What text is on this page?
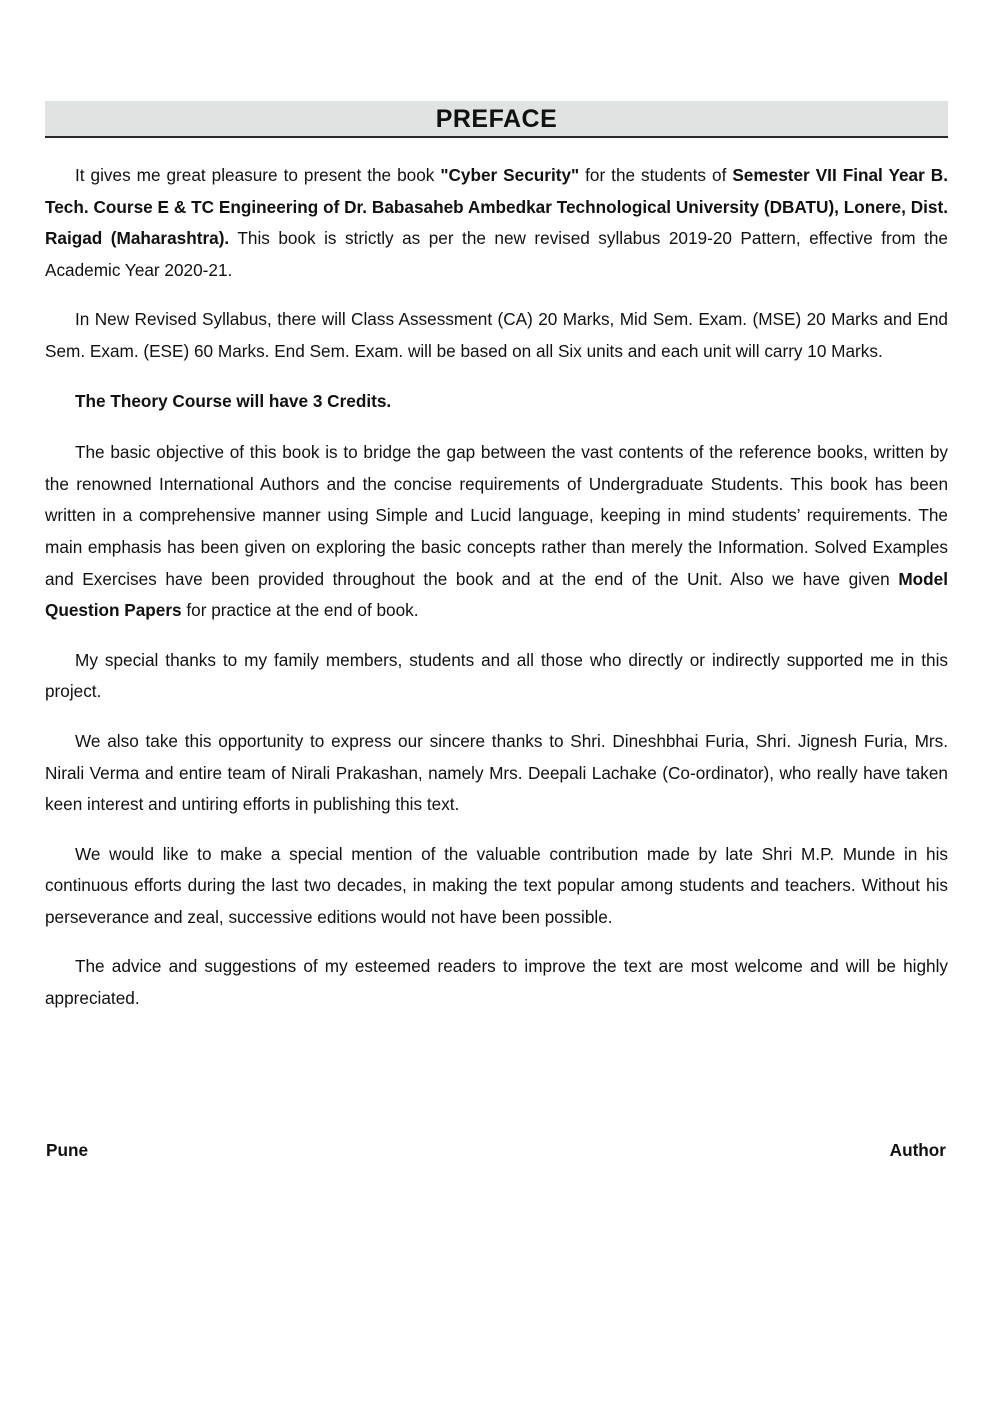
PREFACE

It gives me great pleasure to present the book "Cyber Security" for the students of Semester VII Final Year B. Tech. Course E & TC Engineering of Dr. Babasaheb Ambedkar Technological University (DBATU), Lonere, Dist. Raigad (Maharashtra). This book is strictly as per the new revised syllabus 2019-20 Pattern, effective from the Academic Year 2020-21.

In New Revised Syllabus, there will Class Assessment (CA) 20 Marks, Mid Sem. Exam. (MSE) 20 Marks and End Sem. Exam. (ESE) 60 Marks. End Sem. Exam. will be based on all Six units and each unit will carry 10 Marks.

The Theory Course will have 3 Credits.

The basic objective of this book is to bridge the gap between the vast contents of the reference books, written by the renowned International Authors and the concise requirements of Undergraduate Students. This book has been written in a comprehensive manner using Simple and Lucid language, keeping in mind students’ requirements. The main emphasis has been given on exploring the basic concepts rather than merely the Information. Solved Examples and Exercises have been provided throughout the book and at the end of the Unit. Also we have given Model Question Papers for practice at the end of book.

My special thanks to my family members, students and all those who directly or indirectly supported me in this project.

We also take this opportunity to express our sincere thanks to Shri. Dineshbhai Furia, Shri. Jignesh Furia, Mrs. Nirali Verma and entire team of Nirali Prakashan, namely Mrs. Deepali Lachake (Co-ordinator), who really have taken keen interest and untiring efforts in publishing this text.

We would like to make a special mention of the valuable contribution made by late Shri M.P. Munde in his continuous efforts during the last two decades, in making the text popular among students and teachers. Without his perseverance and zeal, successive editions would not have been possible.

The advice and suggestions of my esteemed readers to improve the text are most welcome and will be highly appreciated.

Pune	Author
